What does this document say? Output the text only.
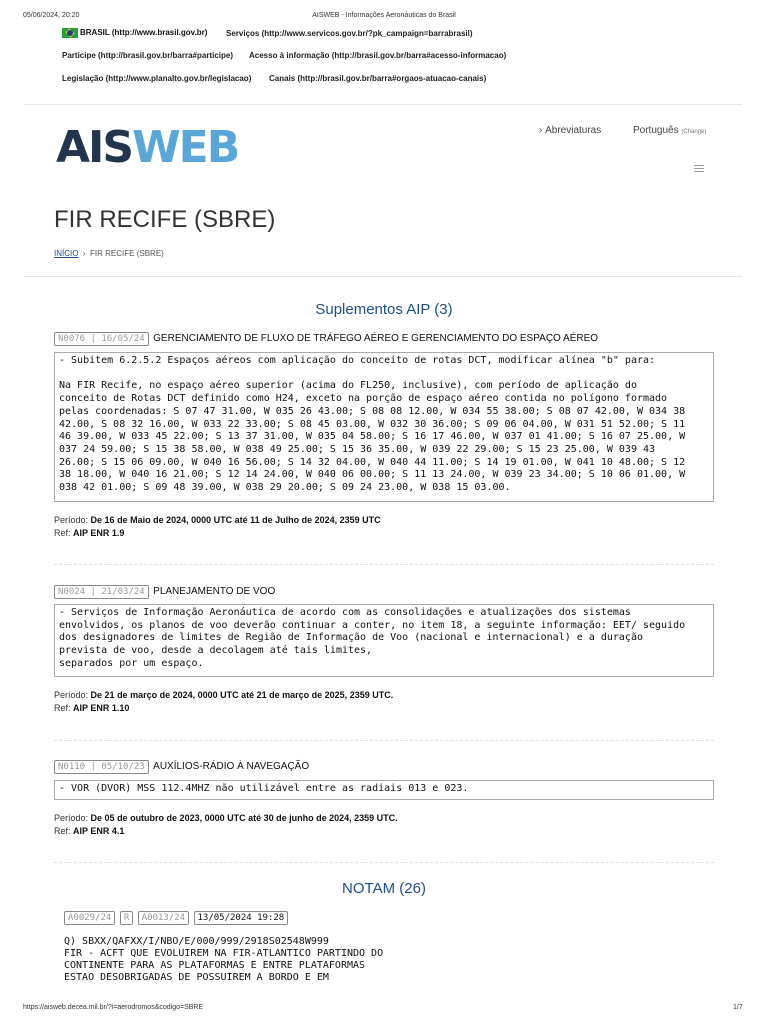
05/06/2024, 20:20	AISWEB - Informações Aeronáuticas do Brasil
BRASIL (http://www.brasil.gov.br) Serviços (http://www.servicos.gov.br/?pk_campaign=barrabrasil)
Participe (http://brasil.gov.br/barra#participe) Acesso à informação (http://brasil.gov.br/barra#acesso-informacao)
Legislação (http://www.planalto.gov.br/legislacao) Canais (http://brasil.gov.br/barra#orgaos-atuacao-canais)
AISWEB	› Abreviaturas	Português (Change)
FIR RECIFE (SBRE)
INÍCIO  ›  FIR RECIFE (SBRE)
Suplementos AIP (3)
N0076 | 16/05/24 GERENCIAMENTO DE FLUXO DE TRÁFEGO AÉREO E GERENCIAMENTO DO ESPAÇO AÉREO
- Subitem 6.2.5.2 Espaços aéreos com aplicação do conceito de rotas DCT, modificar alínea "b" para:

Na FIR Recife, no espaço aéreo superior (acima do FL250, inclusive), com período de aplicação do
conceito de Rotas DCT definido como H24, exceto na porção de espaço aéreo contida no polígono formado
pelas coordenadas: S 07 47 31.00, W 035 26 43.00; S 08 08 12.00, W 034 55 38.00; S 08 07 42.00, W 034 38
42.00, S 08 32 16.00, W 033 22 33.00; S 08 45 03.00, W 032 30 36.00; S 09 06 04.00, W 031 51 52.00; S 11
46 39.00, W 033 45 22.00; S 13 37 31.00, W 035 04 58.00; S 16 17 46.00, W 037 01 41.00; S 16 07 25.00, W
037 24 59.00; S 15 38 58.00, W 038 49 25.00; S 15 36 35.00, W 039 22 29.00; S 15 23 25.00, W 039 43
26.00; S 15 06 09.00, W 040 16 56.00; S 14 32 04.00, W 040 44 11.00; S 14 19 01.00, W 041 10 48.00; S 12
38 18.00, W 040 16 21.00; S 12 14 24.00, W 040 06 00.00; S 11 13 24.00, W 039 23 34.00; S 10 06 01.00, W
038 42 01.00; S 09 48 39.00, W 038 29 20.00; S 09 24 23.00, W 038 15 03.00.
Período: De 16 de Maio de 2024, 0000 UTC até 11 de Julho de 2024, 2359 UTC
Ref: AIP ENR 1.9
N0024 | 21/03/24 PLANEJAMENTO DE VOO
- Serviços de Informação Aeronáutica de acordo com as consolidações e atualizações dos sistemas
envolvidos, os planos de voo deverão continuar a conter, no item 18, a seguinte informação: EET/ seguido
dos designadores de limites de Região de Informação de Voo (nacional e internacional) e a duração
prevista de voo, desde a decolagem até tais limites,
separados por um espaço.
Período: De 21 de março de 2024, 0000 UTC até 21 de março de 2025, 2359 UTC.
Ref: AIP ENR 1.10
N0110 | 05/10/23 AUXÍLIOS-RÁDIO À NAVEGAÇÃO
- VOR (DVOR) MSS 112.4MHZ não utilizável entre as radiais 013 e 023.
Período: De 05 de outubro de 2023, 0000 UTC até 30 de junho de 2024, 2359 UTC.
Ref: AIP ENR 4.1
NOTAM (26)
A0029/24 R A0013/24 13/05/2024 19:28
Q) SBXX/QAFXX/I/NBO/E/000/999/2918S02548W999
FIR - ACFT QUE EVOLUIREM NA FIR-ATLANTICO PARTINDO DO
CONTINENTE PARA AS PLATAFORMAS E ENTRE PLATAFORMAS
ESTAO DESOBRIGADAS DE POSSUIREM A BORDO E EM
https://aisweb.decea.mil.br/?i=aerodromos&codigo=SBRE	1/7
